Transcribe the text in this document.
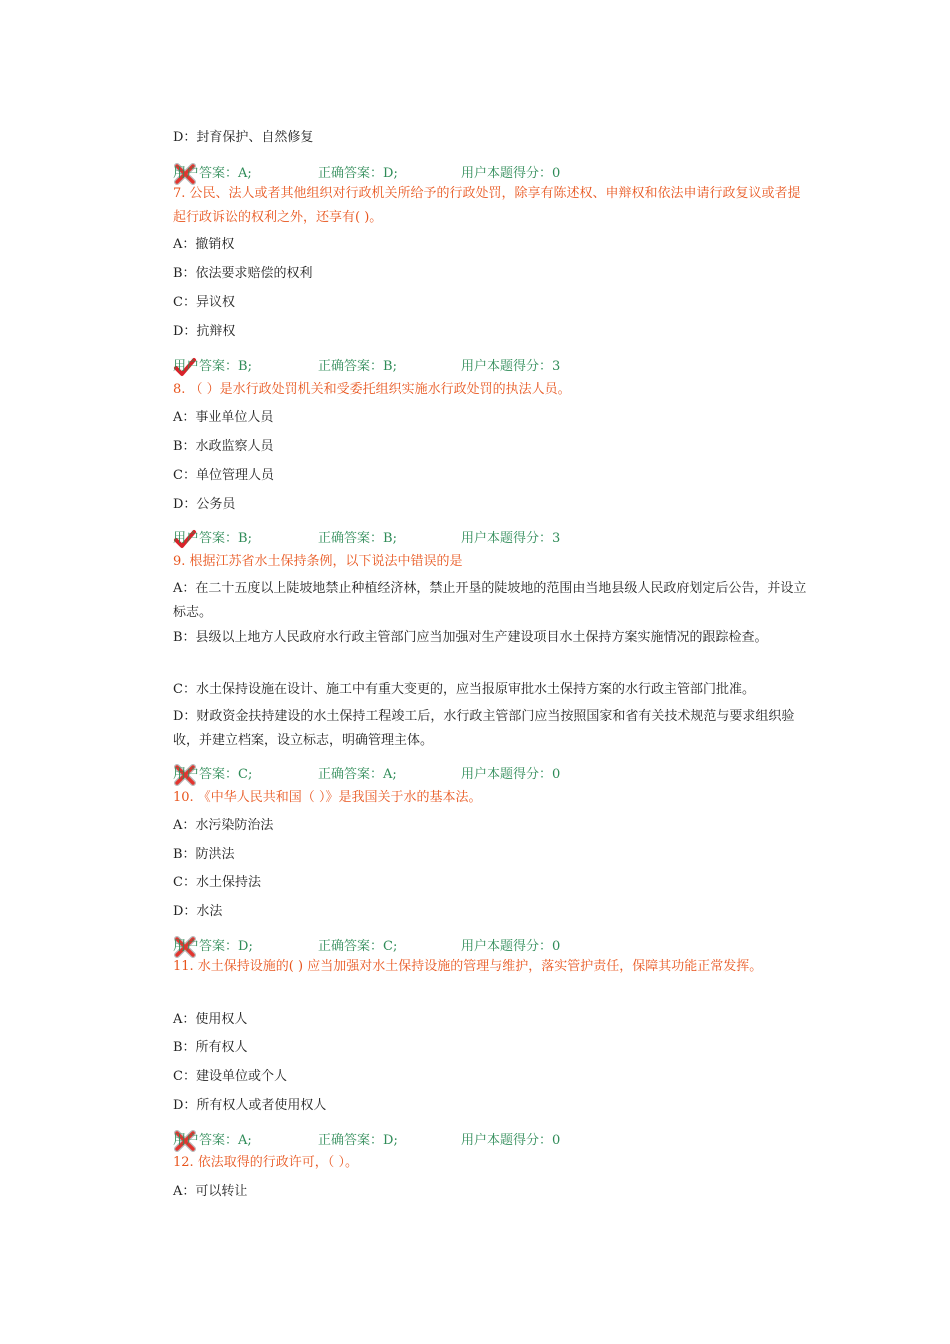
D：封育保护、自然修复
用户答案：A;	正确答案：D;	用户本题得分：0
7. 公民、法人或者其他组织对行政机关所给予的行政处罚，除享有陈述权、申辩权和依法申请行政复议或者提起行政诉讼的权利之外，还享有( )。
A：撤销权
B：依法要求赔偿的权利
C：异议权
D：抗辩权
用户答案：B;	正确答案：B;	用户本题得分：3
8. （ ）是水行政处罚机关和受委托组织实施水行政处罚的执法人员。
A：事业单位人员
B：水政监察人员
C：单位管理人员
D：公务员
用户答案：B;	正确答案：B;	用户本题得分：3
9. 根据江苏省水土保持条例，以下说法中错误的是
A：在二十五度以上陡坡地禁止种植经济林，禁止开垦的陡坡地的范围由当地县级人民政府划定后公告，并设立标志。
B：县级以上地方人民政府水行政主管部门应当加强对生产建设项目水土保持方案实施情况的跟踪检查。
C：水土保持设施在设计、施工中有重大变更的，应当报原审批水土保持方案的水行政主管部门批准。
D：财政资金扶持建设的水土保持工程竣工后，水行政主管部门应当按照国家和省有关技术规范与要求组织验收，并建立档案，设立标志，明确管理主体。
用户答案：C;	正确答案：A;	用户本题得分：0
10. 《中华人民共和国（ ）》是我国关于水的基本法。
A：水污染防治法
B：防洪法
C：水土保持法
D：水法
用户答案：D;	正确答案：C;	用户本题得分：0
11. 水土保持设施的( ) 应当加强对水土保持设施的管理与维护，落实管护责任，保障其功能正常发挥。
A：使用权人
B：所有权人
C：建设单位或个人
D：所有权人或者使用权人
用户答案：A;	正确答案：D;	用户本题得分：0
12. 依法取得的行政许可，（ ）。
A：可以转让
